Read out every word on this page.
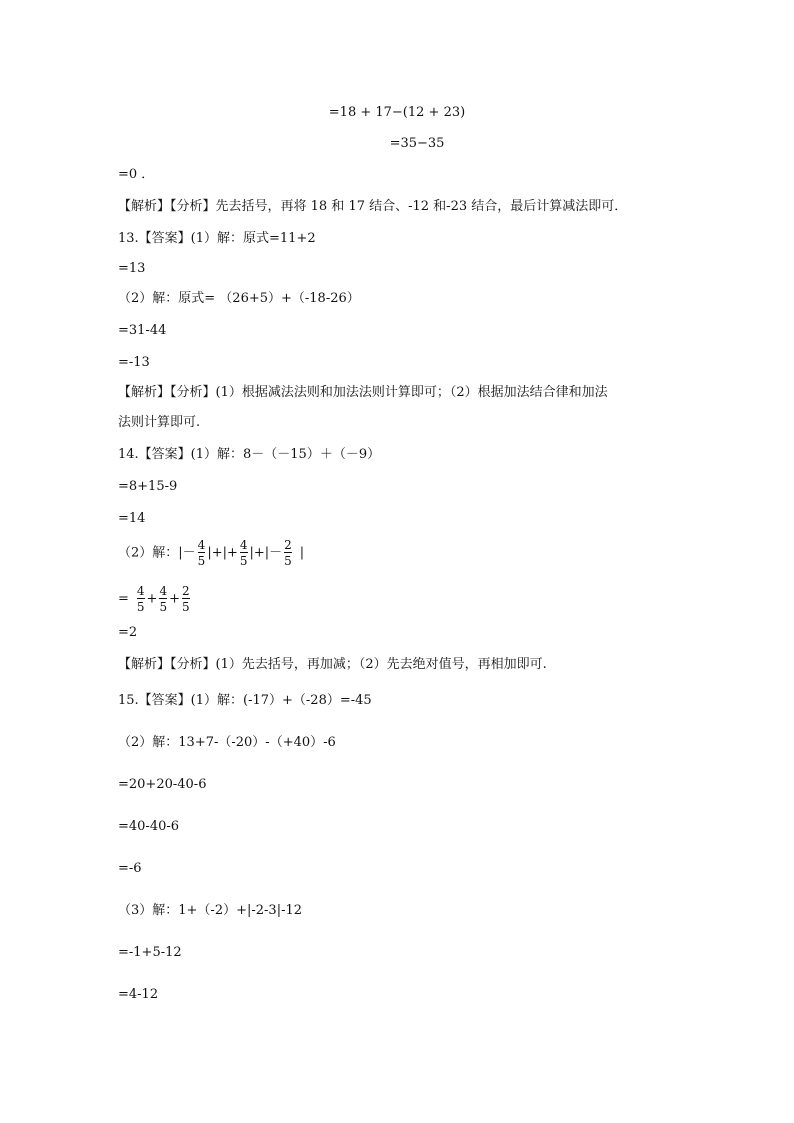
=18 + 17−(12 + 23)
=35−35
=0 ．
【解析】【分析】先去括号，再将 18 和 17 结合、-12 和-23 结合，最后计算减法即可．
13.【答案】(1）解：原式=11+2
=13
（2）解：原式= （26+5）+（-18-26）
=31-44
=-13
【解析】【分析】(1）根据减法法则和加法法则计算即可；（2）根据加法结合律和加法
法则计算即可.
14.【答案】(1）解：8－（－15）＋（－9）
=8+15-9
=14
（2）解：|－ $\frac{4}{5}$ |+|+ $\frac{4}{5}$ |+|－ $\frac{2}{5}$ |
= $\frac{4}{5} + \frac{4}{5} + \frac{2}{5}$
=2
【解析】【分析】(1）先去括号，再加减；（2）先去绝对值号，再相加即可.
15.【答案】(1）解：(-17）+（-28）=-45
（2）解：13+7-（-20）-（+40）-6
=20+20-40-6
=40-40-6
=-6
（3）解：1+（-2）+|-2-3|-12
=-1+5-12
=4-12
